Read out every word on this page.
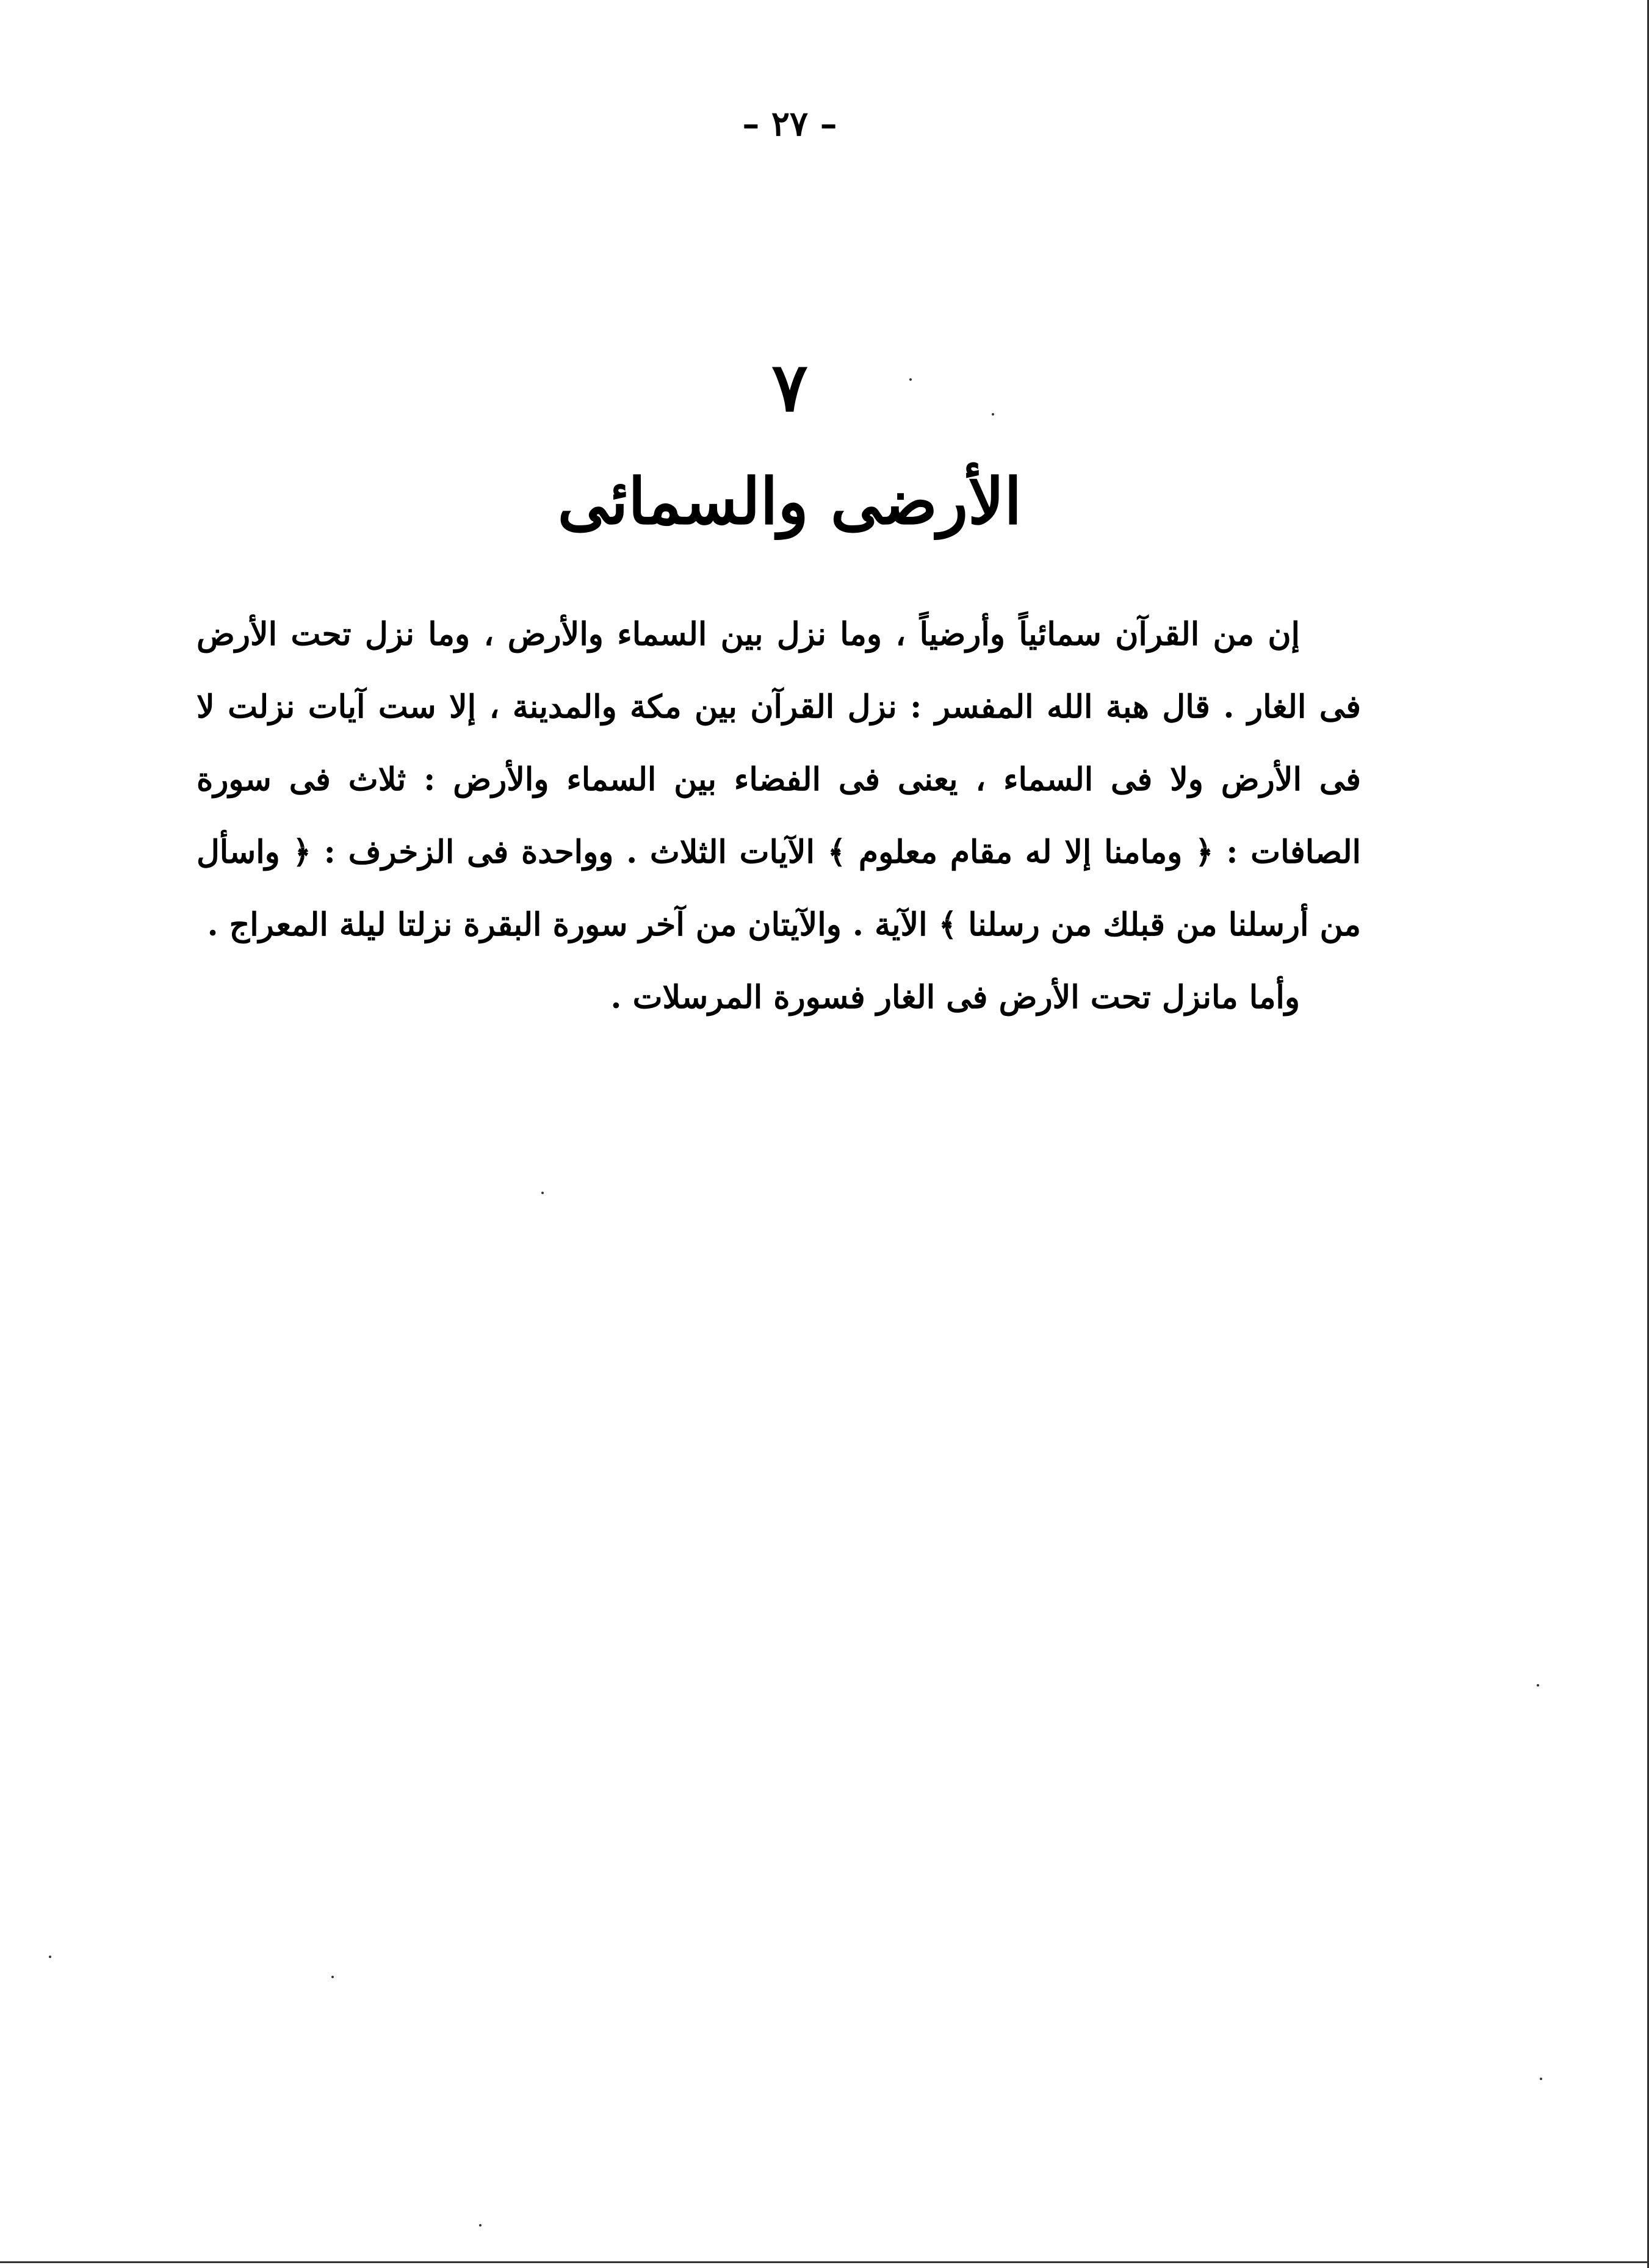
– ٢٧ –
٧
الأرضى والسمائى

إن من القرآن سمائياً وأرضياً ، وما نزل بين السماء والأرض ، وما نزل تحت الأرض فى الغار . قال هبة الله المفسر : نزل القرآن بين مكة والمدينة ، إلا ست آيات نزلت لا فى الأرض ولا فى السماء ، يعنى فى الفضاء بين السماء والأرض : ثلاث فى سورة الصافات : ﴿ ومامنا إلا له مقام معلوم ﴾ الآيات الثلاث . وواحدة فى الزخرف : ﴿ واسأل من أرسلنا من قبلك من رسلنا ﴾ الآية . والآيتان من آخر سورة البقرة نزلتا ليلة المعراج .

وأما مانزل تحت الأرض فى الغار فسورة المرسلات .
